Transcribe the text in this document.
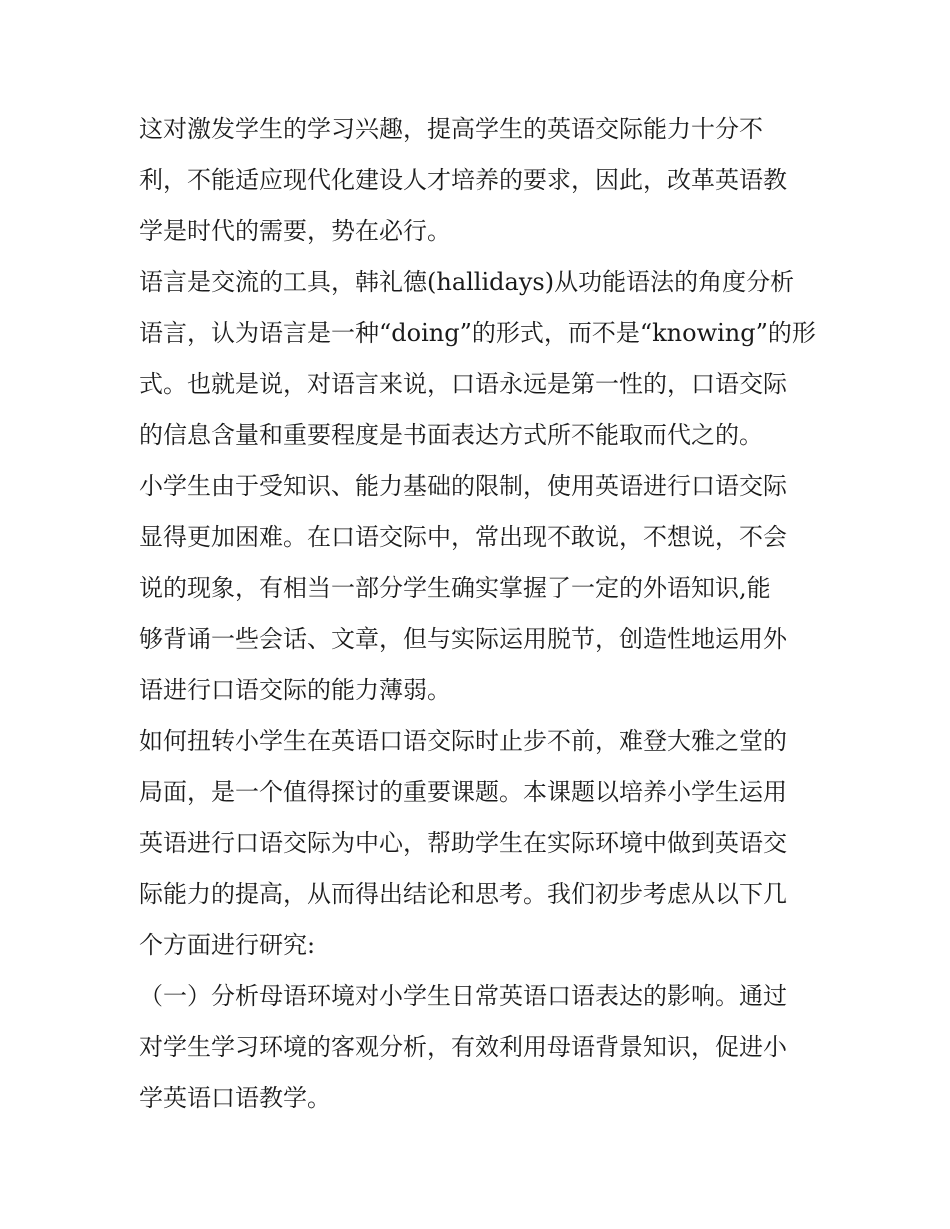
这对激发学生的学习兴趣，提高学生的英语交际能力十分不
利，不能适应现代化建设人才培养的要求，因此，改革英语教
学是时代的需要，势在必行。
语言是交流的工具，韩礼德(hallidays)从功能语法的角度分析
语言，认为语言是一种“doing”的形式，而不是“knowing”的形
式。也就是说，对语言来说，口语永远是第一性的，口语交际
的信息含量和重要程度是书面表达方式所不能取而代之的。
小学生由于受知识、能力基础的限制，使用英语进行口语交际
显得更加困难。在口语交际中，常出现不敢说，不想说，不会
说的现象，有相当一部分学生确实掌握了一定的外语知识,能
够背诵一些会话、文章，但与实际运用脱节，创造性地运用外
语进行口语交际的能力薄弱。
如何扭转小学生在英语口语交际时止步不前，难登大雅之堂的
局面，是一个值得探讨的重要课题。本课题以培养小学生运用
英语进行口语交际为中心，帮助学生在实际环境中做到英语交
际能力的提高，从而得出结论和思考。我们初步考虑从以下几
个方面进行研究:
（一）分析母语环境对小学生日常英语口语表达的影响。通过
对学生学习环境的客观分析，有效利用母语背景知识，促进小
学英语口语教学。
